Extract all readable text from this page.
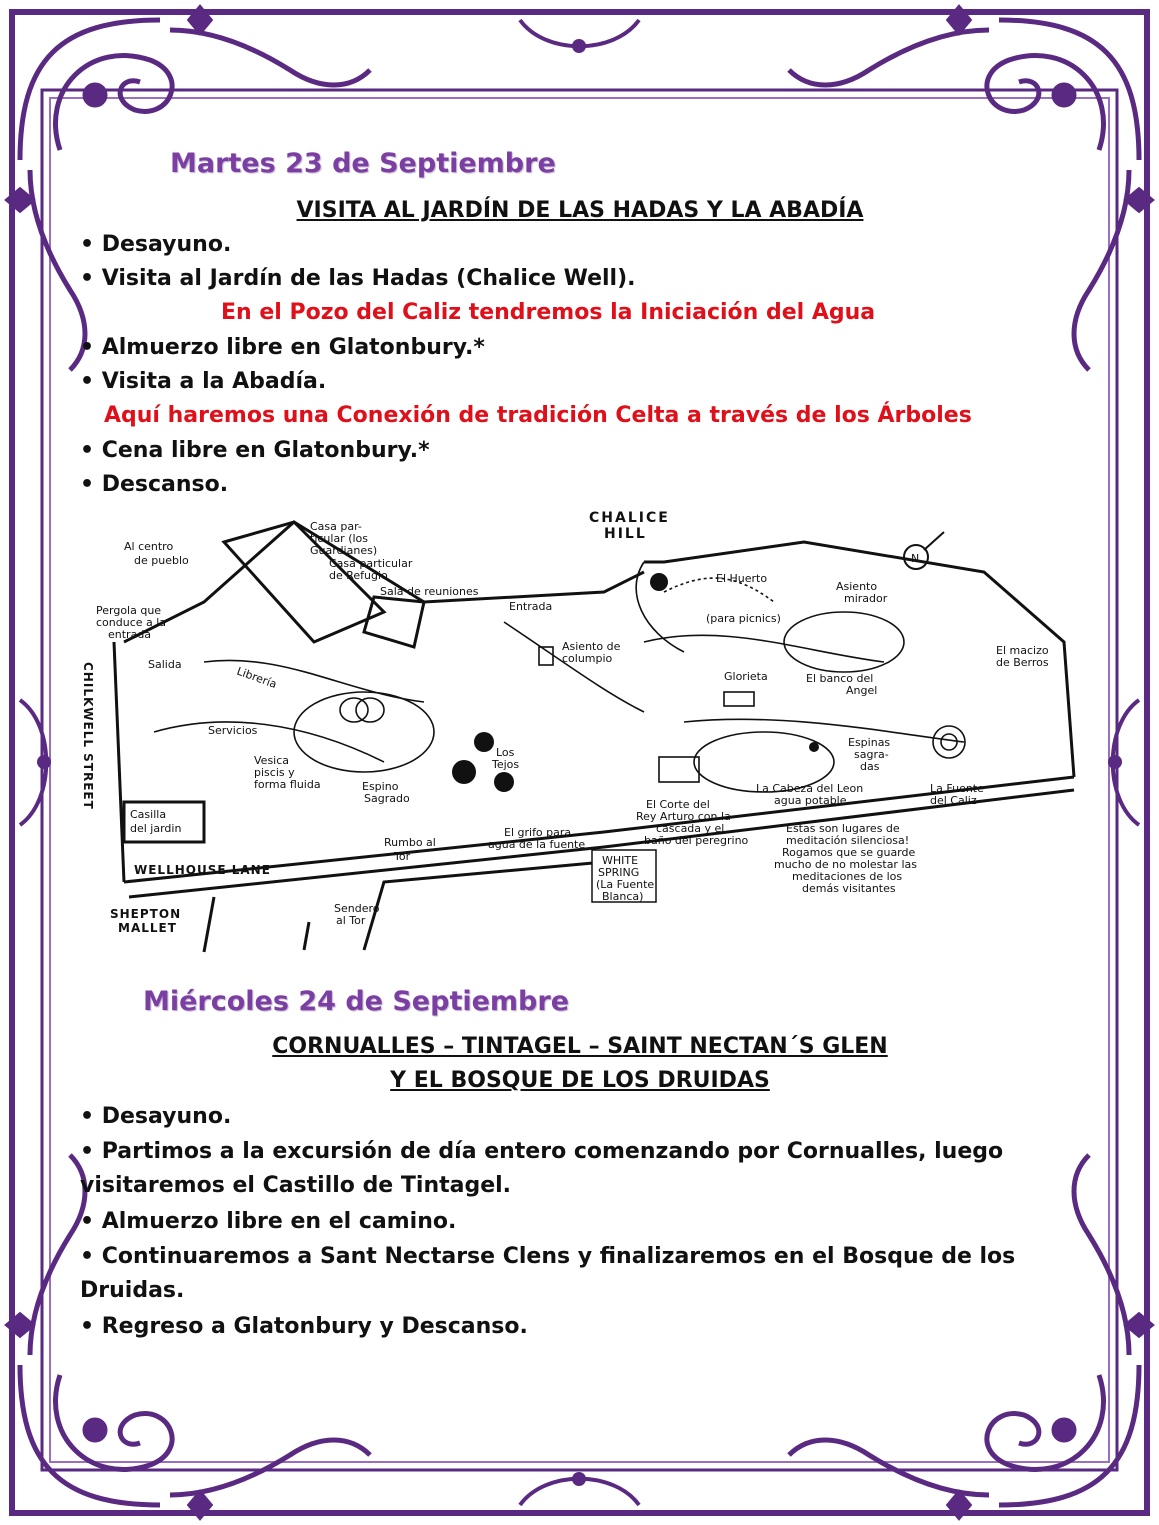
Martes 23 de Septiembre
VISITA AL JARDÍN DE LAS HADAS Y LA ABADÍA

• Desayuno.

• Visita al Jardín de las Hadas (Chalice Well).

En el Pozo del Caliz tendremos la Iniciación del Agua

• Almuerzo libre en Glatonbury.*

• Visita a la Abadía.

Aquí haremos una Conexión de tradición Celta a través de los Árboles

• Cena libre en Glatonbury.*

• Descanso.

N
CHALICE
HILL
Al centro
de pueblo
Casa par-
ticular (los
Guardianes)
Casa particular
de Refugio
Sala de reuniones
Entrada
Pergola que
conduce a la
entrada
Salida
Librería
Servicios
Asiento de
columpio
El Huerto
(para picnics)
Asiento
mirador
El macizo
de Berros
Glorieta	El banco del
Angel
Vesica
piscis y
forma fluida
Los
Tejos
Espino
Sagrado
Espinas
sagra-
das
La Cabeza del Leon
agua potable
La Fuente
del Caliz
Casilla
del jardin
El Corte del
Rey Arturo con la
cascada y el
baño del peregrino
El grifo para
agua de la fuente
Rumbo al
Tor
Estas son lugares de
meditación silenciosa!
Rogamos que se guarde
mucho de no molestar las
meditaciones de los
demás visitantes
WHITE
SPRING
(La Fuente
Blanca)
WELLHOUSE LANE
CHILKWELL STREET
SHEPTON
MALLET
Sendero
al Tor
Miércoles 24 de Septiembre
CORNUALLES – TINTAGEL – SAINT NECTAN´S GLEN
Y EL BOSQUE DE LOS DRUIDAS

• Desayuno.

• Partimos a la excursión de día entero comenzando por Cornualles, luego visitaremos el Castillo de Tintagel.

• Almuerzo libre en el camino.

• Continuaremos a Sant Nectarse Clens y finalizaremos en el Bosque de los Druidas.

• Regreso a Glatonbury y Descanso.
